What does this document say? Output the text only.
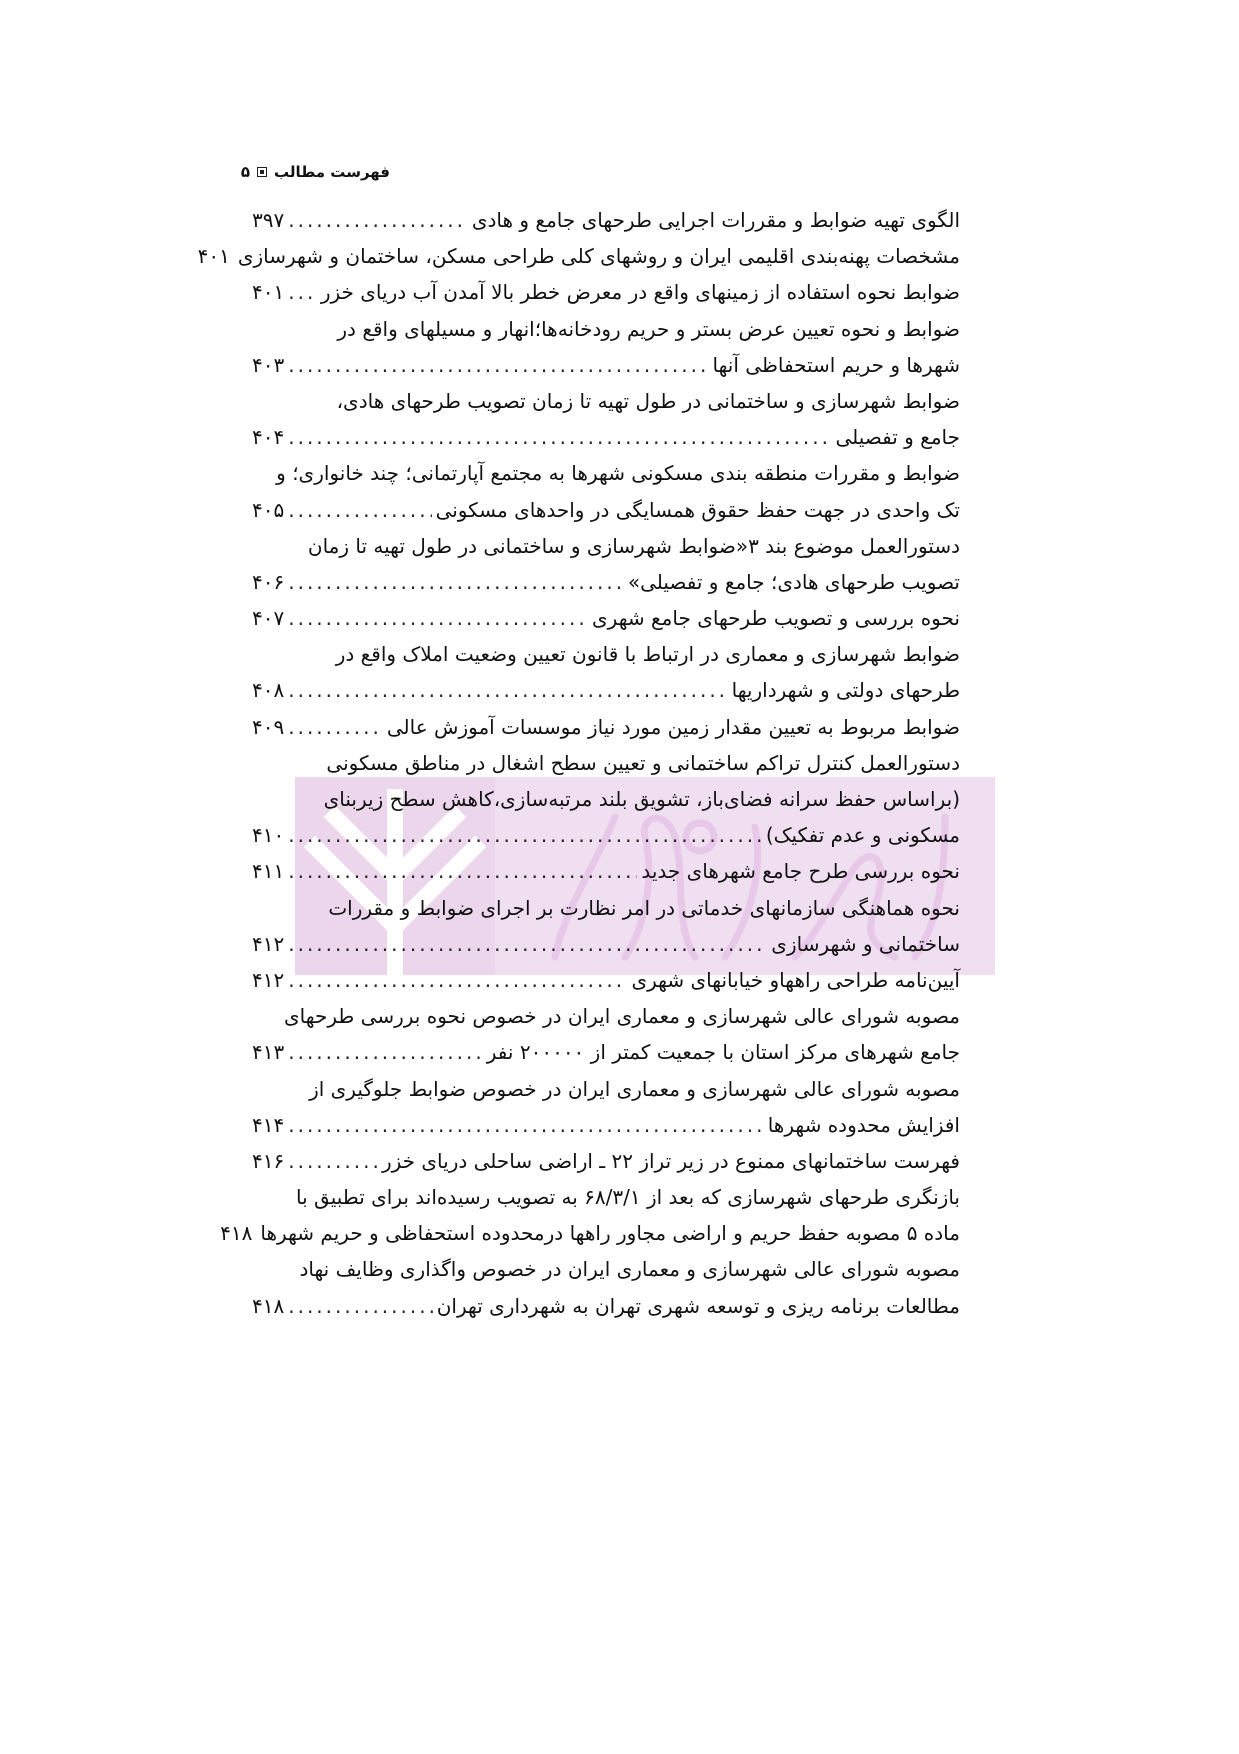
فهرست مطالب
۵
الگوی تهیه ضوابط و مقررات اجرایی طرحهای جامع و هادی
.....
۳۹۷
مشخصات پهنه‌بندی اقلیمی ایران و روشهای کلی طراحی مسکن، ساختمان و شهرسازی
۴۰۱
ضوابط نحوه استفاده از زمینهای واقع در معرض خطر بالا آمدن آب دریای خزر
.....
۴۰۱
ضوابط و نحوه تعیین عرض بستر و حریم رودخانه‌ها؛انهار و مسیلهای واقع در
شهرها و حریم استحفاظی آنها
.....
۴۰۳
ضوابط شهرسازی و ساختمانی در طول تهیه تا زمان تصویب طرحهای هادی،
جامع و تفصیلی
.....
۴۰۴
ضوابط و مقررات منطقه بندی مسکونی شهرها به مجتمع آپارتمانی؛ چند خانواری؛ و
تک واحدی در جهت حفظ حقوق همسایگی در واحدهای مسکونی
.....
۴۰۵
دستورالعمل موضوع بند ۳«ضوابط شهرسازی و ساختمانی در طول تهیه تا زمان
تصویب طرحهای هادی؛ جامع و تفصیلی»
.....
۴۰۶
نحوه بررسی و تصویب طرحهای جامع شهری
.....
۴۰۷
ضوابط شهرسازی و معماری در ارتباط با قانون تعیین وضعیت املاک واقع در
طرحهای دولتی و شهرداریها
.....
۴۰۸
ضوابط مربوط به تعیین مقدار زمین مورد نیاز موسسات آموزش عالی
.....
۴۰۹
دستورالعمل کنترل تراکم ساختمانی و تعیین سطح اشغال در مناطق مسکونی
(براساس حفظ سرانه فضای‌باز، تشویق بلند مرتبه‌سازی،کاهش سطح زیربنای
مسکونی و عدم تفکیک)
.....
۴۱۰
نحوه بررسی طرح جامع شهرهای جدید
.....
۴۱۱
نحوه هماهنگی سازمانهای خدماتی در امر نظارت بر اجرای ضوابط و مقررات
ساختمانی و شهرسازی
.....
۴۱۲
آیین‌نامه طراحی راههاو خیابانهای شهری
.....
۴۱۲
مصوبه شورای عالی شهرسازی و معماری ایران در خصوص نحوه بررسی طرحهای
جامع شهرهای مرکز استان با جمعیت کمتر از ۲۰۰۰۰۰ نفر
.....
۴۱۳
مصوبه شورای عالی شهرسازی و معماری ایران در خصوص ضوابط جلوگیری از
افزایش محدوده شهرها
.....
۴۱۴
فهرست ساختمانهای ممنوع در زیر تراز ۲۲ ـ اراضی ساحلی دریای خزر
.....
۴۱۶
بازنگری طرحهای شهرسازی که بعد از ۶۸/۳/۱ به تصویب رسیده‌اند برای تطبیق با
ماده ۵ مصوبه حفظ حریم و اراضی مجاور راهها درمحدوده استحفاظی و حریم شهرها
۴۱۸
مصوبه شورای عالی شهرسازی و معماری ایران در خصوص واگذاری وظایف نهاد
مطالعات برنامه ریزی و توسعه شهری تهران به شهرداری تهران
.....
۴۱۸
